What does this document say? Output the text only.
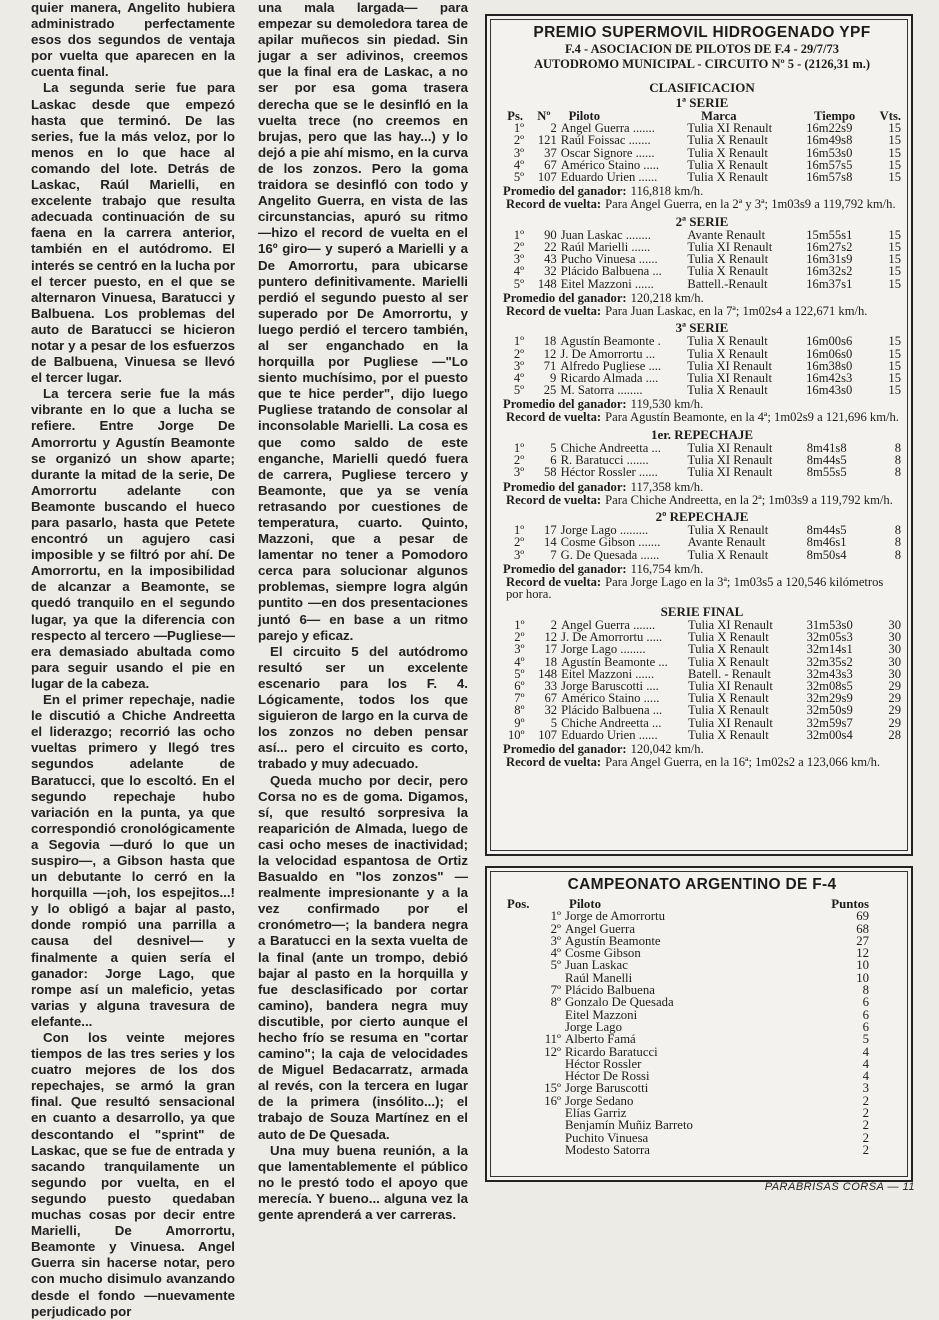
quier manera, Angelito hubiera administrado perfectamente esos dos segundos de ventaja por vuelta que aparecen en la cuenta final.

La segunda serie fue para Laskac desde que empezó hasta que terminó. De las series, fue la más veloz, por lo menos en lo que hace al comando del lote. Detrás de Laskac, Raúl Marielli, en excelente trabajo que resulta adecuada continuación de su faena en la carrera anterior, también en el autódromo. El interés se centró en la lucha por el tercer puesto, en el que se alternaron Vinuesa, Baratucci y Balbuena. Los problemas del auto de Baratucci se hicieron notar y a pesar de los esfuerzos de Balbuena, Vinuesa se llevó el tercer lugar.

La tercera serie fue la más vibrante en lo que a lucha se refiere. Entre Jorge De Amorrortu y Agustín Beamonte se organizó un show aparte; durante la mitad de la serie, De Amorrortu adelante con Beamonte buscando el hueco para pasarlo, hasta que Petete encontró un agujero casi imposible y se filtró por ahí. De Amorrortu, en la imposibilidad de alcanzar a Beamonte, se quedó tranquilo en el segundo lugar, ya que la diferencia con respecto al tercero —Pugliese— era demasiado abultada como para seguir usando el pie en lugar de la cabeza.

En el primer repechaje, nadie le discutió a Chiche Andreetta el liderazgo; recorrió las ocho vueltas primero y llegó tres segundos adelante de Baratucci, que lo escoltó. En el segundo repechaje hubo variación en la punta, ya que correspondió cronológicamente a Segovia —duró lo que un suspiro—, a Gibson hasta que un debutante lo cerró en la horquilla —¡oh, los espejitos...! y lo obligó a bajar al pasto, donde rompió una parrilla a causa del desnivel— y finalmente a quien sería el ganador: Jorge Lago, que rompe así un maleficio, yetas varias y alguna travesura de elefante...

Con los veinte mejores tiempos de las tres series y los cuatro mejores de los dos repechajes, se armó la gran final. Que resultó sensacional en cuanto a desarrollo, ya que descontando el "sprint" de Laskac, que se fue de entrada y sacando tranquilamente un segundo por vuelta, en el segundo puesto quedaban muchas cosas por decir entre Marielli, De Amorrortu, Beamonte y Vinuesa. Angel Guerra sin hacerse notar, pero con mucho disimulo avanzando desde el fondo —nuevamente perjudicado por

una mala largada— para empezar su demoledora tarea de apilar muñecos sin piedad. Sin jugar a ser adivinos, creemos que la final era de Laskac, a no ser por esa goma trasera derecha que se le desinfló en la vuelta trece (no creemos en brujas, pero que las hay...) y lo dejó a pie ahí mismo, en la curva de los zonzos. Pero la goma traidora se desinfló con todo y Angelito Guerra, en vista de las circunstancias, apuró su ritmo —hizo el record de vuelta en el 16º giro— y superó a Marielli y a De Amorrortu, para ubicarse puntero definitivamente. Marielli perdió el segundo puesto al ser superado por De Amorrortu, y luego perdió el tercero también, al ser enganchado en la horquilla por Pugliese —"Lo siento muchísimo, por el puesto que te hice perder", dijo luego Pugliese tratando de consolar al inconsolable Marielli. La cosa es que como saldo de este enganche, Marielli quedó fuera de carrera, Pugliese tercero y Beamonte, que ya se venía retrasando por cuestiones de temperatura, cuarto. Quinto, Mazzoni, que a pesar de lamentar no tener a Pomodoro cerca para solucionar algunos problemas, siempre logra algún puntito —en dos presentaciones juntó 6— en base a un ritmo parejo y eficaz.

El circuito 5 del autódromo resultó ser un excelente escenario para los F. 4. Lógicamente, todos los que siguieron de largo en la curva de los zonzos no deben pensar así... pero el circuito es corto, trabado y muy adecuado.

Queda mucho por decir, pero Corsa no es de goma. Digamos, sí, que resultó sorpresiva la reaparición de Almada, luego de casi ocho meses de inactividad; la velocidad espantosa de Ortiz Basualdo en "los zonzos" —realmente impresionante y a la vez confirmado por el cronómetro—; la bandera negra a Baratucci en la sexta vuelta de la final (ante un trompo, debió bajar al pasto en la horquilla y fue desclasificado por cortar camino), bandera negra muy discutible, por cierto aunque el hecho frío se resuma en "cortar camino"; la caja de velocidades de Miguel Bedacarratz, armada al revés, con la tercera en lugar de la primera (insólito...); el trabajo de Souza Martínez en el auto de De Quesada.

Una muy buena reunión, a la que lamentablemente el público no le prestó todo el apoyo que merecía. Y bueno... alguna vez la gente aprenderá a ver carreras.

PREMIO SUPERMOVIL HIDROGENADO YPF
F.4 - ASOCIACION DE PILOTOS DE F.4 - 29/7/73
AUTODROMO MUNICIPAL - CIRCUITO Nº 5 - (2126,31 m.)
CLASIFICACION
1ª SERIE
Ps.	Nº	Piloto	Marca	Tiempo	Vts.
1º	2	Angel Guerra .......	Tulia XI Renault	16m22s9	15
2º	121	Raúl Foissac .......	Tulia X Renault	16m49s8	15
3º	37	Oscar Signore ......	Tulia X Renault	16m53s0	15
4º	67	Américo Staino .....	Tulia X Renault	16m57s5	15
5º	107	Eduardo Urien ......	Tulia X Renault	16m57s8	15
Promedio del ganador: 116,818 km/h.
Record de vuelta: Para Angel Guerra, en la 2ª y 3ª; 1m03s9 a 119,792 km/h.
2ª SERIE
1º	90	Juan Laskac ........	Avante Renault	15m55s1	15
2º	22	Raúl Marielli ......	Tulia XI Renault	16m27s2	15
3º	43	Pucho Vinuesa ......	Tulia X Renault	16m31s9	15
4º	32	Plácido Balbuena ...	Tulia X Renault	16m32s2	15
5º	148	Eitel Mazzoni ......	Battell.-Renault	16m37s1	15
Promedio del ganador: 120,218 km/h.
Record de vuelta: Para Juan Laskac, en la 7ª; 1m02s4 a 122,671 km/h.
3ª SERIE
1º	18	Agustín Beamonte .	Tulia X Renault	16m00s6	15
2º	12	J. De Amorrortu ...	Tulia X Renault	16m06s0	15
3º	71	Alfredo Pugliese ....	Tulia XI Renault	16m38s0	15
4º	9	Ricardo Almada ....	Tulia XI Renault	16m42s3	15
5º	25	M. Satorra ........	Tulia X Renault	16m43s0	15
Promedio del ganador: 119,530 km/h.
Record de vuelta: Para Agustín Beamonte, en la 4ª; 1m02s9 a 121,696 km/h.
1er. REPECHAJE
1º	5	Chiche Andreetta ...	Tulia XI Renault	8m41s8	8
2º	6	R. Baratucci .......	Tulia XI Renault	8m44s5	8
3º	58	Héctor Rossler ......	Tulia XI Renault	8m55s5	8
Promedio del ganador: 117,358 km/h.
Record de vuelta: Para Chiche Andreetta, en la 2ª; 1m03s9 a 119,792 km/h.
2º REPECHAJE
1º	17	Jorge Lago .........	Tulia X Renault	8m44s5	8
2º	14	Cosme Gibson .......	Avante Renault	8m46s1	8
3º	7	G. De Quesada ......	Tulia X Renault	8m50s4	8
Promedio del ganador: 116,754 km/h.
Record de vuelta: Para Jorge Lago en la 3ª; 1m03s5 a 120,546 kilómetros por hora.
SERIE FINAL
1º	2	Angel Guerra .......	Tulia XI Renault	31m53s0	30
2º	12	J. De Amorrortu .....	Tulia X Renault	32m05s3	30
3º	17	Jorge Lago ........	Tulia X Renault	32m14s1	30
4º	18	Agustín Beamonte ...	Tulia X Renault	32m35s2	30
5º	148	Eitel Mazzoni ......	Batell. - Renault	32m43s3	30
6º	33	Jorge Baruscotti ....	Tulia XI Renault	32m08s5	29
7º	67	Américo Staino .....	Tulia X Renault	32m29s9	29
8º	32	Plácido Balbuena ...	Tulia X Renault	32m50s9	29
9º	5	Chiche Andreetta ...	Tulia XI Renault	32m59s7	29
10º	107	Eduardo Urien ......	Tulia X Renault	32m00s4	28
Promedio del ganador: 120,042 km/h.
Record de vuelta: Para Angel Guerra, en la 16ª; 1m02s2 a 123,066 km/h.
CAMPEONATO ARGENTINO DE F-4
Pos.	Piloto	Puntos
1º	Jorge de Amorrortu	69
2º	Angel Guerra	68
3º	Agustín Beamonte	27
4º	Cosme Gibson	12
5º	Juan Laskac	10
	Raúl Manelli	10
7º	Plácido Balbuena	8
8º	Gonzalo De Quesada	6
	Eitel Mazzoni	6
	Jorge Lago	6
11º	Alberto Famá	5
12º	Ricardo Baratucci	4
	Héctor Rossler	4
	Héctor De Rossi	4
15º	Jorge Baruscotti	3
16º	Jorge Sedano	2
	Elías Garriz	2
	Benjamín Muñiz Barreto	2
	Puchito Vinuesa	2
	Modesto Satorra	2
PARABRISAS CORSA — 11
